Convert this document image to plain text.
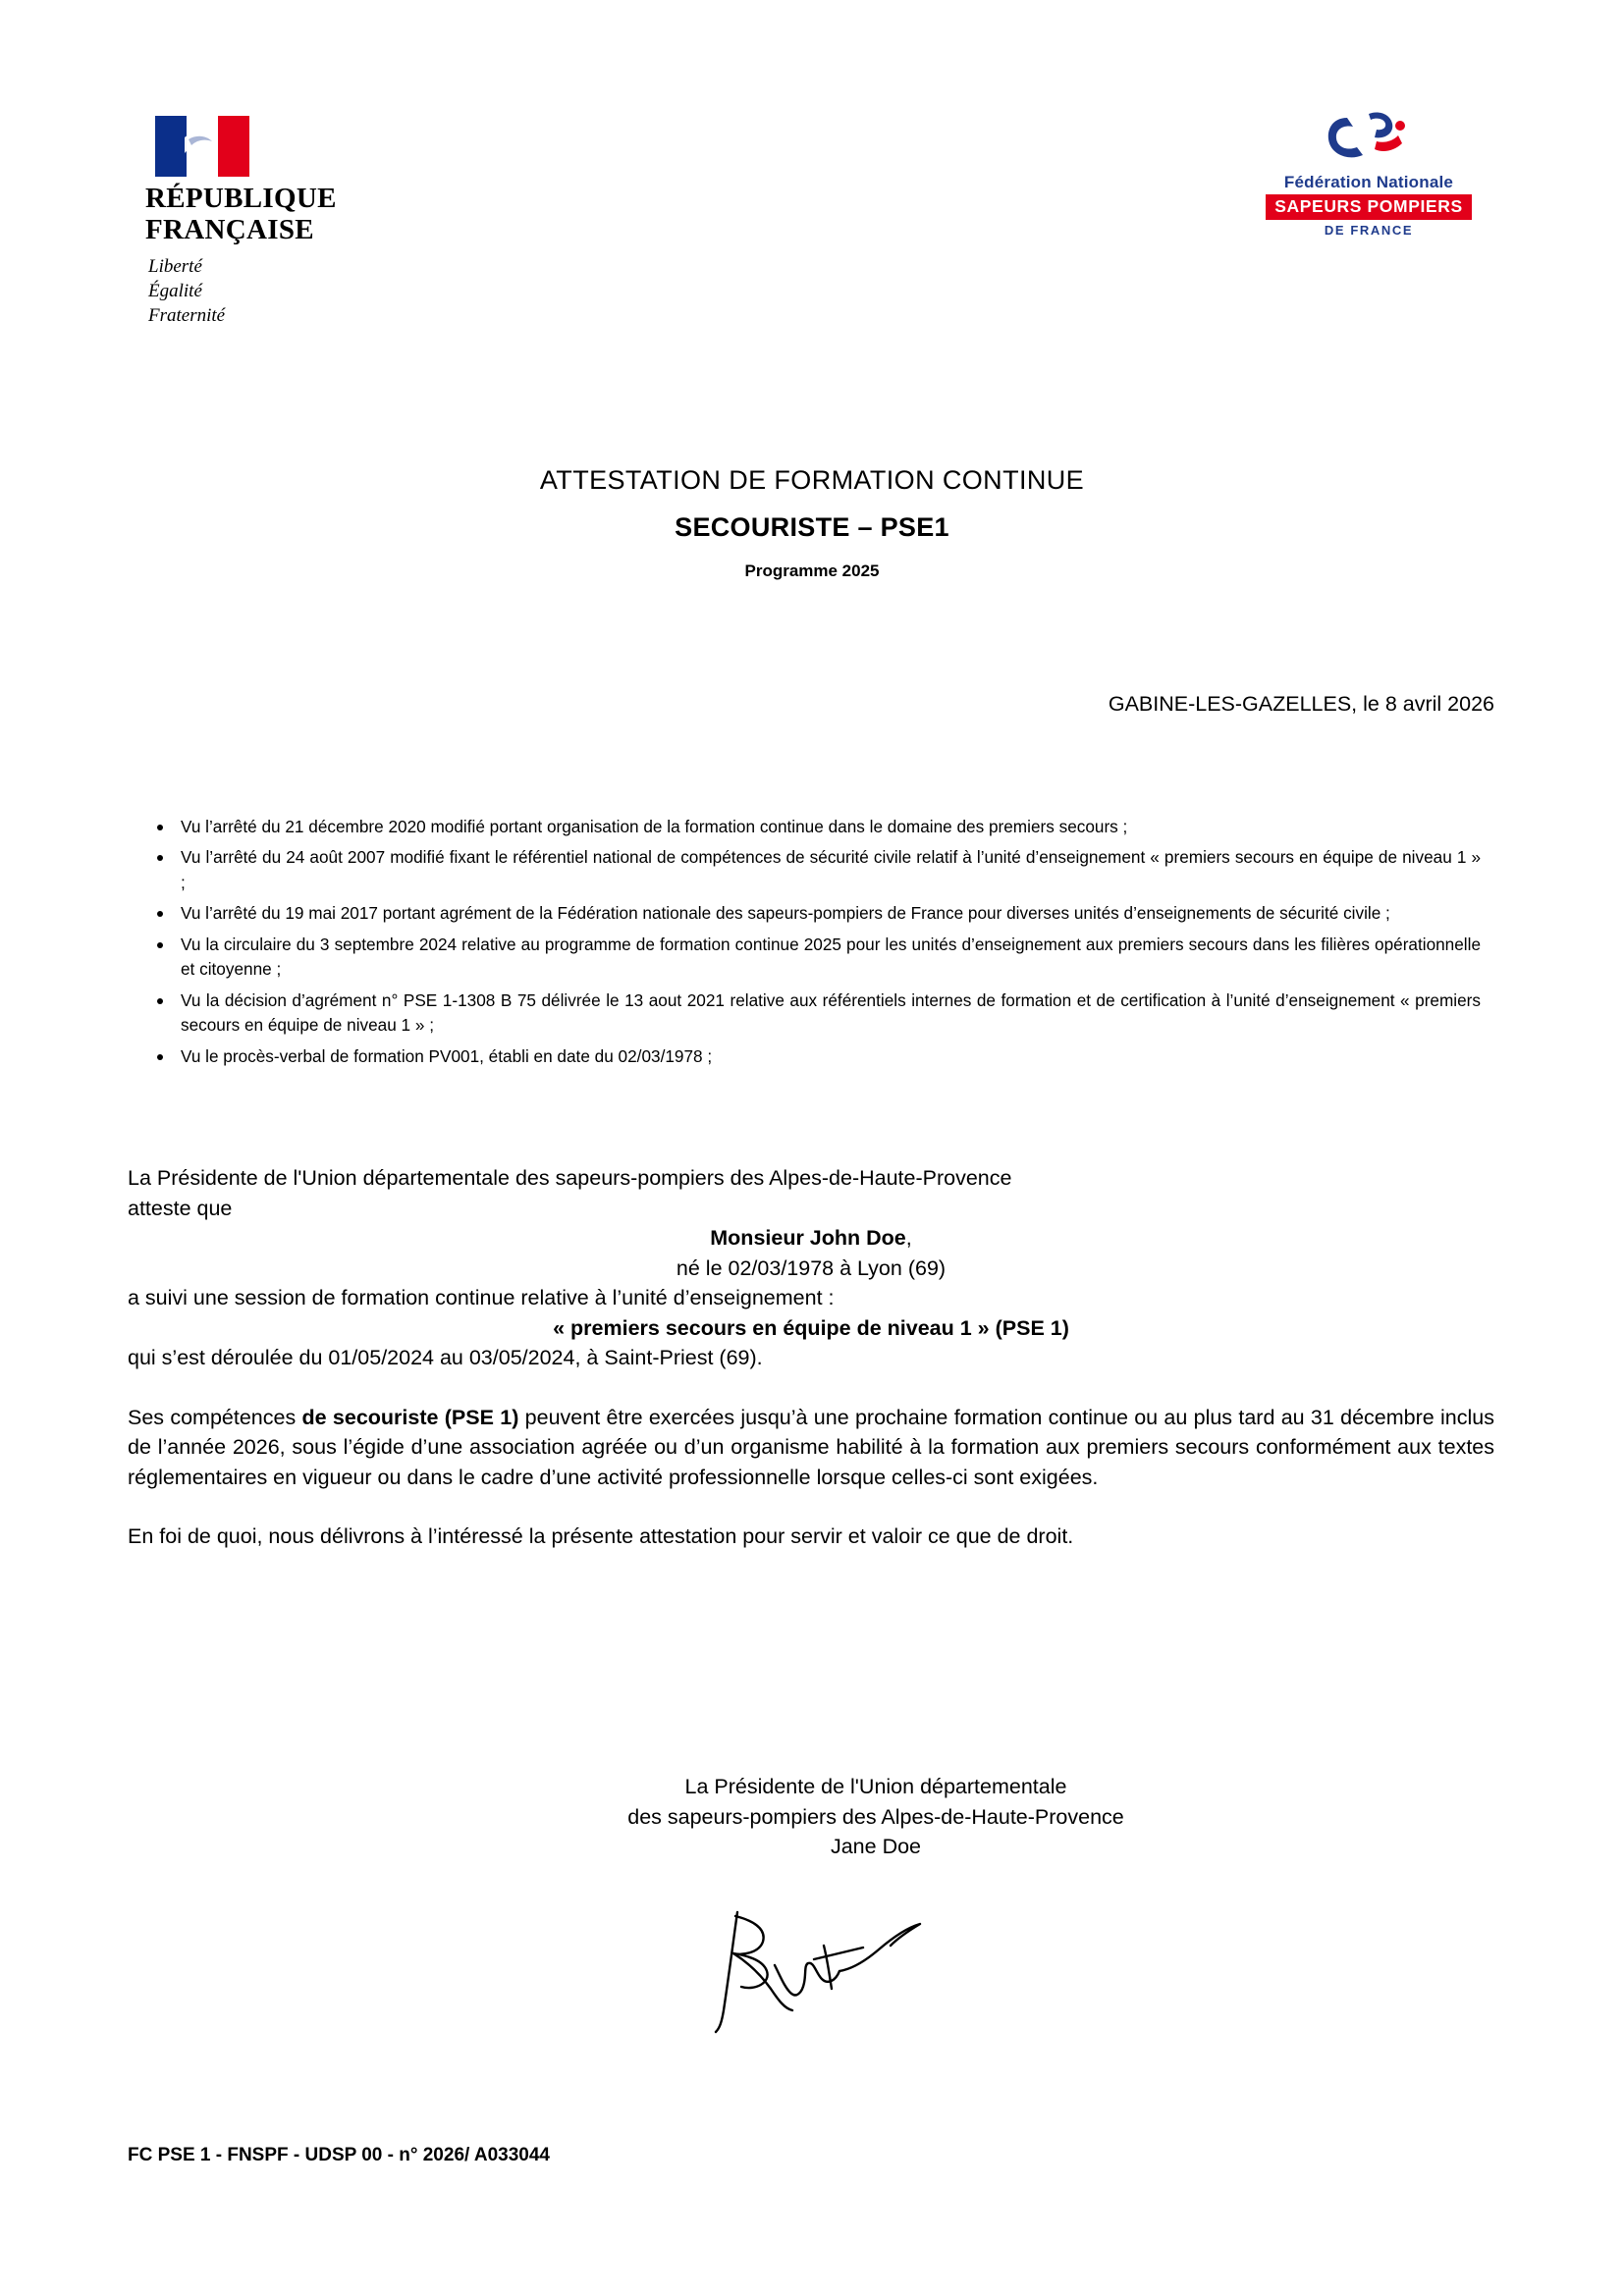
RÉPUBLIQUE
FRANÇAISE
Liberté
Égalité
Fraternité
Fédération Nationale
SAPEURS POMPIERS
DE FRANCE
ATTESTATION DE FORMATION CONTINUE
SECOURISTE – PSE1
Programme 2025
GABINE-LES-GAZELLES, le 8 avril 2026
Vu l’arrêté du 21 décembre 2020 modifié portant organisation de la formation continue dans le domaine des premiers secours ;
Vu l’arrêté du 24 août 2007 modifié fixant le référentiel national de compétences de sécurité civile relatif à l’unité d’enseignement « premiers secours en équipe de niveau 1 » ;
Vu l’arrêté du 19 mai 2017 portant agrément de la Fédération nationale des sapeurs-pompiers de France pour diverses unités d’enseignements de sécurité civile ;
Vu la circulaire du 3 septembre 2024 relative au programme de formation continue 2025 pour les unités d’enseignement aux premiers secours dans les filières opérationnelle et citoyenne ;
Vu la décision d’agrément n° PSE 1-1308 B 75 délivrée le 13 aout 2021 relative aux référentiels internes de formation et de certification à l’unité d’enseignement « premiers secours en équipe de niveau 1 » ;
Vu le procès-verbal de formation PV001, établi en date du 02/03/1978 ;

La Présidente de l'Union départementale des sapeurs-pompiers des Alpes-de-Haute-Provence

atteste que

Monsieur John Doe,

né le 02/03/1978 à Lyon (69)

a suivi une session de formation continue relative à l’unité d’enseignement :

« premiers secours en équipe de niveau 1 » (PSE 1)

qui s’est déroulée du 01/05/2024 au 03/05/2024, à Saint-Priest (69).

Ses compétences de secouriste (PSE 1) peuvent être exercées jusqu’à une prochaine formation continue ou au plus tard au 31 décembre inclus de l’année 2026, sous l’égide d’une association agréée ou d’un organisme habilité à la formation aux premiers secours conformément aux textes réglementaires en vigueur ou dans le cadre d’une activité professionnelle lorsque celles-ci sont exigées.

En foi de quoi, nous délivrons à l’intéressé la présente attestation pour servir et valoir ce que de droit.

La Présidente de l'Union départementale
des sapeurs-pompiers des Alpes-de-Haute-Provence
Jane Doe
FC PSE 1 - FNSPF - UDSP 00 - n° 2026/ A033044
